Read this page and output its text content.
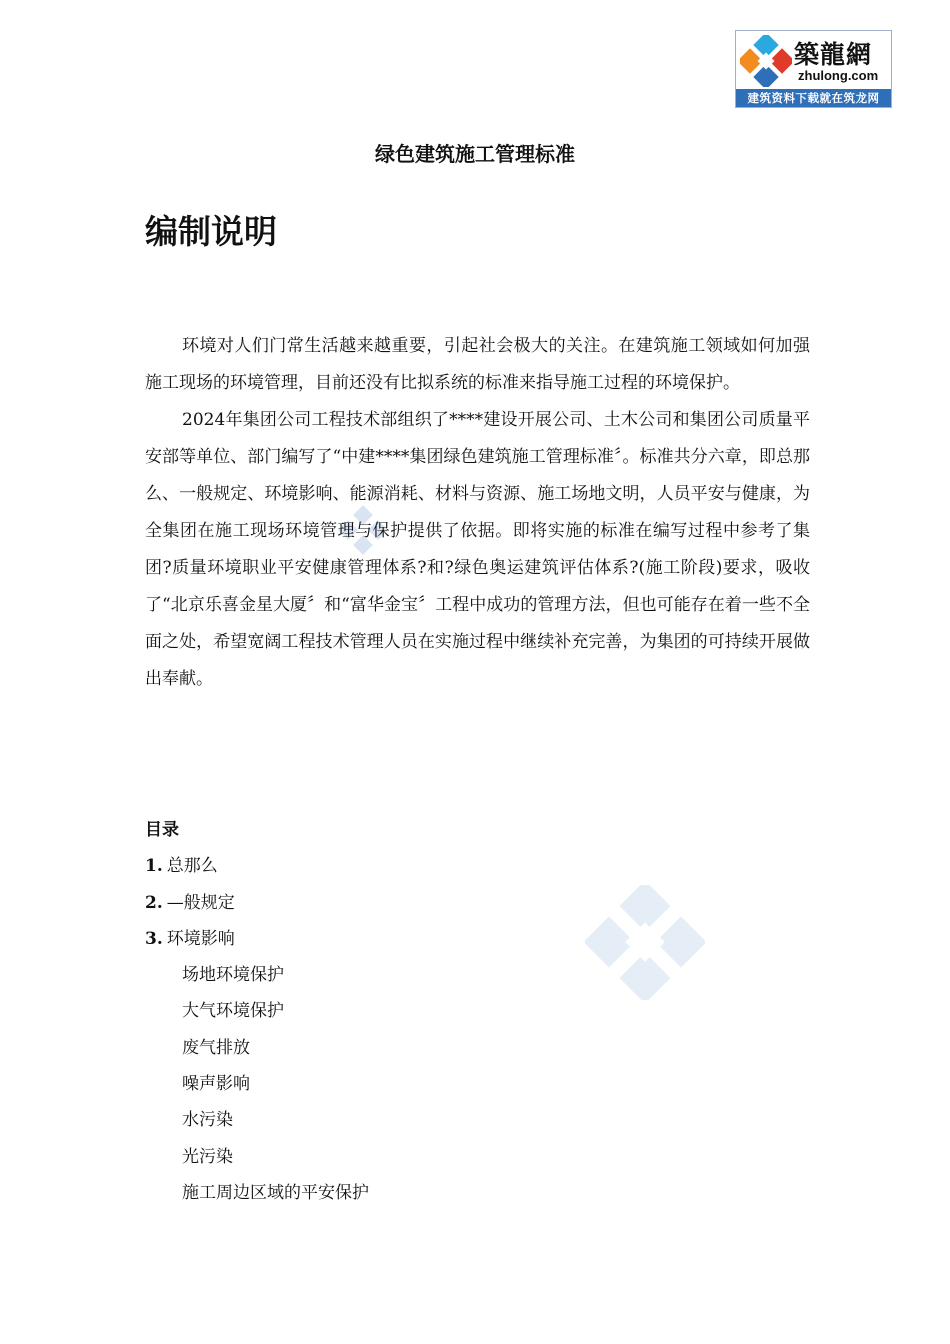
築龍網
zhulong.com
建筑资料下载就在筑龙网
绿色建筑施工管理标准
编制说明

环境对人们门常生活越来越重要，引起社会极大的关注。在建筑施工领域如何加强施工现场的环境管理，目前还没有比拟系统的标准来指导施工过程的环境保护。

2024年集团公司工程技术部组织了****建设开展公司、土木公司和集团公司质量平安部等单位、部门编写了“中建****集团绿色建筑施工管理标准〞。标准共分六章，即总那么、一般规定、环境影响、能源消耗、材料与资源、施工场地文明，人员平安与健康，为全集团在施工现场环境管理与保护提供了依据。即将实施的标准在编写过程中参考了集团?质量环境职业平安健康管理体系?和?绿色奥运建筑评估体系?(施工阶段)要求，吸收了“北京乐喜金星大厦〞和“富华金宝〞工程中成功的管理方法，但也可能存在着一些不全面之处，希望宽阔工程技术管理人员在实施过程中继续补充完善，为集团的可持续开展做出奉献。

目录
1. 总那么
2. —般规定
3. 环境影响
场地环境保护
大气环境保护
废气排放
噪声影响
水污染
光污染
施工周边区域的平安保护
